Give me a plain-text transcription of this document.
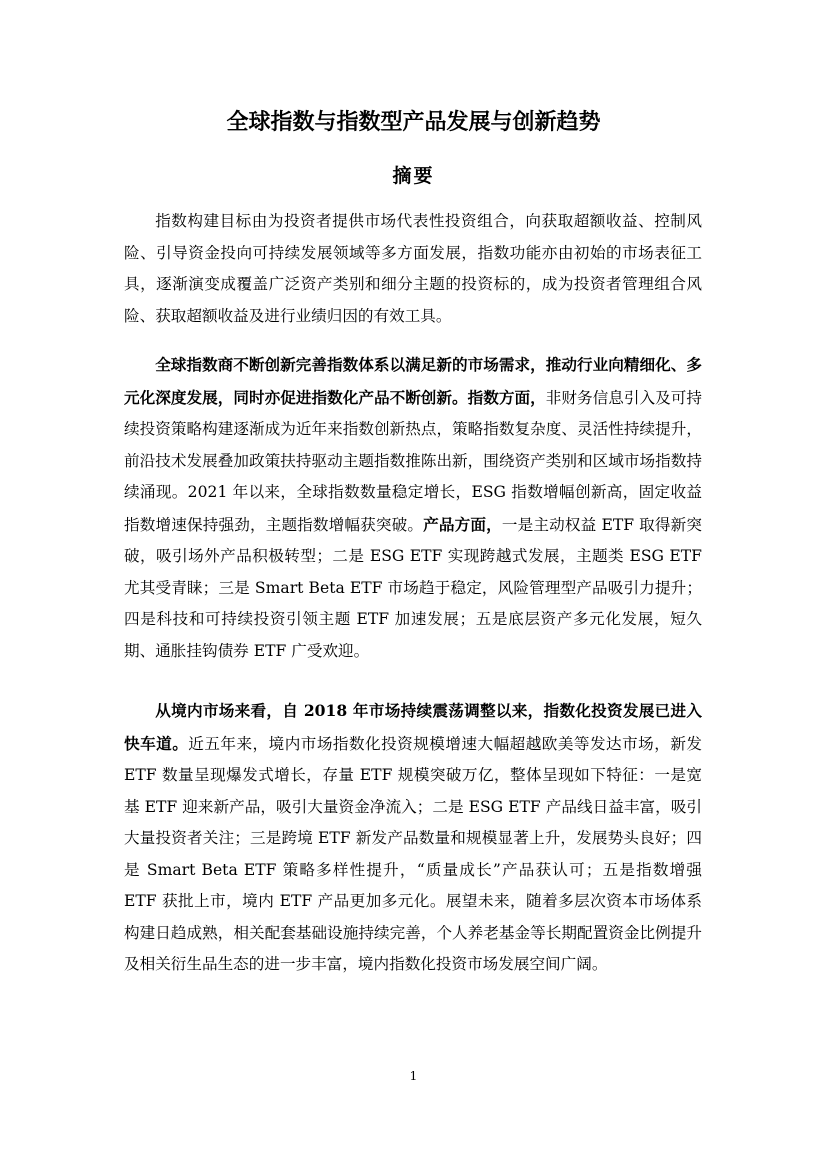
全球指数与指数型产品发展与创新趋势
摘要

指数构建目标由为投资者提供市场代表性投资组合，向获取超额收益、控制风险、引导资金投向可持续发展领域等多方面发展，指数功能亦由初始的市场表征工具，逐渐演变成覆盖广泛资产类别和细分主题的投资标的，成为投资者管理组合风险、获取超额收益及进行业绩归因的有效工具。

全球指数商不断创新完善指数体系以满足新的市场需求，推动行业向精细化、多元化深度发展，同时亦促进指数化产品不断创新。指数方面，非财务信息引入及可持续投资策略构建逐渐成为近年来指数创新热点，策略指数复杂度、灵活性持续提升，前沿技术发展叠加政策扶持驱动主题指数推陈出新，围绕资产类别和区域市场指数持续涌现。2021 年以来，全球指数数量稳定增长，ESG 指数增幅创新高，固定收益指数增速保持强劲，主题指数增幅获突破。产品方面，一是主动权益 ETF 取得新突破，吸引场外产品积极转型；二是 ESG ETF 实现跨越式发展，主题类 ESG ETF 尤其受青睐；三是 Smart Beta ETF 市场趋于稳定，风险管理型产品吸引力提升；四是科技和可持续投资引领主题 ETF 加速发展；五是底层资产多元化发展，短久期、通胀挂钩债券 ETF 广受欢迎。

从境内市场来看，自 2018 年市场持续震荡调整以来，指数化投资发展已进入快车道。近五年来，境内市场指数化投资规模增速大幅超越欧美等发达市场，新发 ETF 数量呈现爆发式增长，存量 ETF 规模突破万亿，整体呈现如下特征：一是宽基 ETF 迎来新产品，吸引大量资金净流入；二是 ESG ETF 产品线日益丰富，吸引大量投资者关注；三是跨境 ETF 新发产品数量和规模显著上升，发展势头良好；四是 Smart Beta ETF 策略多样性提升，“质量成长”产品获认可；五是指数增强 ETF 获批上市，境内 ETF 产品更加多元化。展望未来，随着多层次资本市场体系构建日趋成熟，相关配套基础设施持续完善，个人养老基金等长期配置资金比例提升及相关衍生品生态的进一步丰富，境内指数化投资市场发展空间广阔。

1
